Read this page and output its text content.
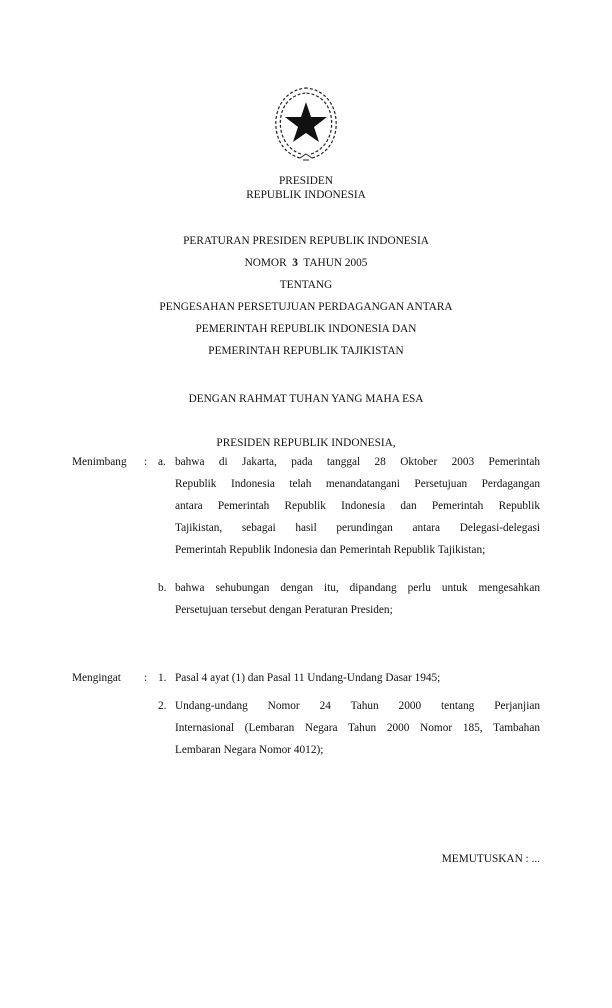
PRESIDEN
REPUBLIK INDONESIA
PERATURAN PRESIDEN REPUBLIK INDONESIA
NOMOR 3 TAHUN 2005
TENTANG
PENGESAHAN PERSETUJUAN PERDAGANGAN ANTARA
PEMERINTAH REPUBLIK INDONESIA DAN
PEMERINTAH REPUBLIK TAJIKISTAN
DENGAN RAHMAT TUHAN YANG MAHA ESA
PRESIDEN REPUBLIK INDONESIA,
Menimbang : a. bahwa di Jakarta, pada tanggal 28 Oktober 2003 Pemerintah
Republik Indonesia telah menandatangani Persetujuan Perdagangan
antara Pemerintah Republik Indonesia dan Pemerintah Republik
Tajikistan, sebagai hasil perundingan antara Delegasi-delegasi
Pemerintah Republik Indonesia dan Pemerintah Republik Tajikistan;
b. bahwa sehubungan dengan itu, dipandang perlu untuk mengesahkan
Persetujuan tersebut dengan Peraturan Presiden;
Mengingat : 1. Pasal 4 ayat (1) dan Pasal 11 Undang-Undang Dasar 1945;
2. Undang-undang Nomor 24 Tahun 2000 tentang Perjanjian
Internasional (Lembaran Negara Tahun 2000 Nomor 185, Tambahan
Lembaran Negara Nomor 4012);
MEMUTUSKAN : ...
